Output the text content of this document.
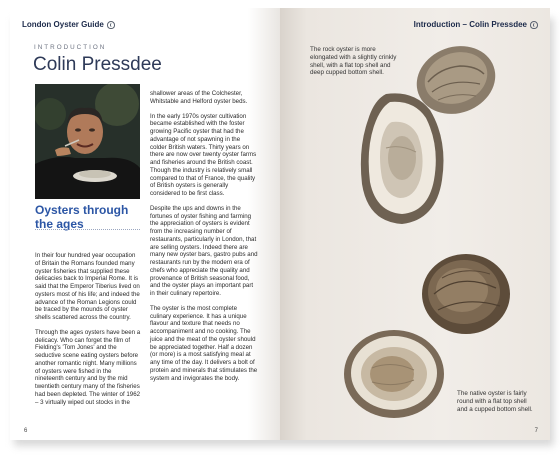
London Oyster Guide
INTRODUCTION
Colin Pressdee
Oysters through the ages

In their four hundred year occupation of Britain the Romans founded many oyster fisheries that supplied these delicacies back to Imperial Rome. It is said that the Emperor Tiberius lived on oysters most of his life; and indeed the advance of the Roman Legions could be traced by the mounds of oyster shells scattered across the country.

Through the ages oysters have been a delicacy. Who can forget the film of Fielding's 'Tom Jones' and the seductive scene eating oysters before another romantic night. Many millions of oysters were fished in the nineteenth century and by the mid twentieth century many of the fisheries had been depleted. The winter of 1962 – 3 virtually wiped out stocks in the

shallower areas of the Colchester, Whitstable and Helford oyster beds.

In the early 1970s oyster cultivation became established with the foster growing Pacific oyster that had the advantage of not spawning in the colder British waters. Thirty years on there are now over twenty oyster farms and fisheries around the British coast. Though the industry is relatively small compared to that of France, the quality of British oysters is generally considered to be first class.

Despite the ups and downs in the fortunes of oyster fishing and farming the appreciation of oysters is evident from the increasing number of restaurants, particularly in London, that are selling oysters. Indeed there are many new oyster bars, gastro pubs and restaurants run by the modern era of chefs who appreciate the quality and provenance of British seasonal food, and the oyster plays an important part in their culinary repertoire.

The oyster is the most complete culinary experience. It has a unique flavour and texture that needs no accompaniment and no cooking. The juice and the meat of the oyster should be appreciated together. Half a dozen (or more) is a most satisfying meal at any time of the day. It delivers a bolt of protein and minerals that stimulates the system and invigorates the body.

6
Introduction – Colin Pressdee
The rock oyster is more elongated with a slightly crinkly shell, with a flat top shell and deep cupped bottom shell.
The native oyster is fairly round with a flat top shell and a cupped bottom shell.
7
